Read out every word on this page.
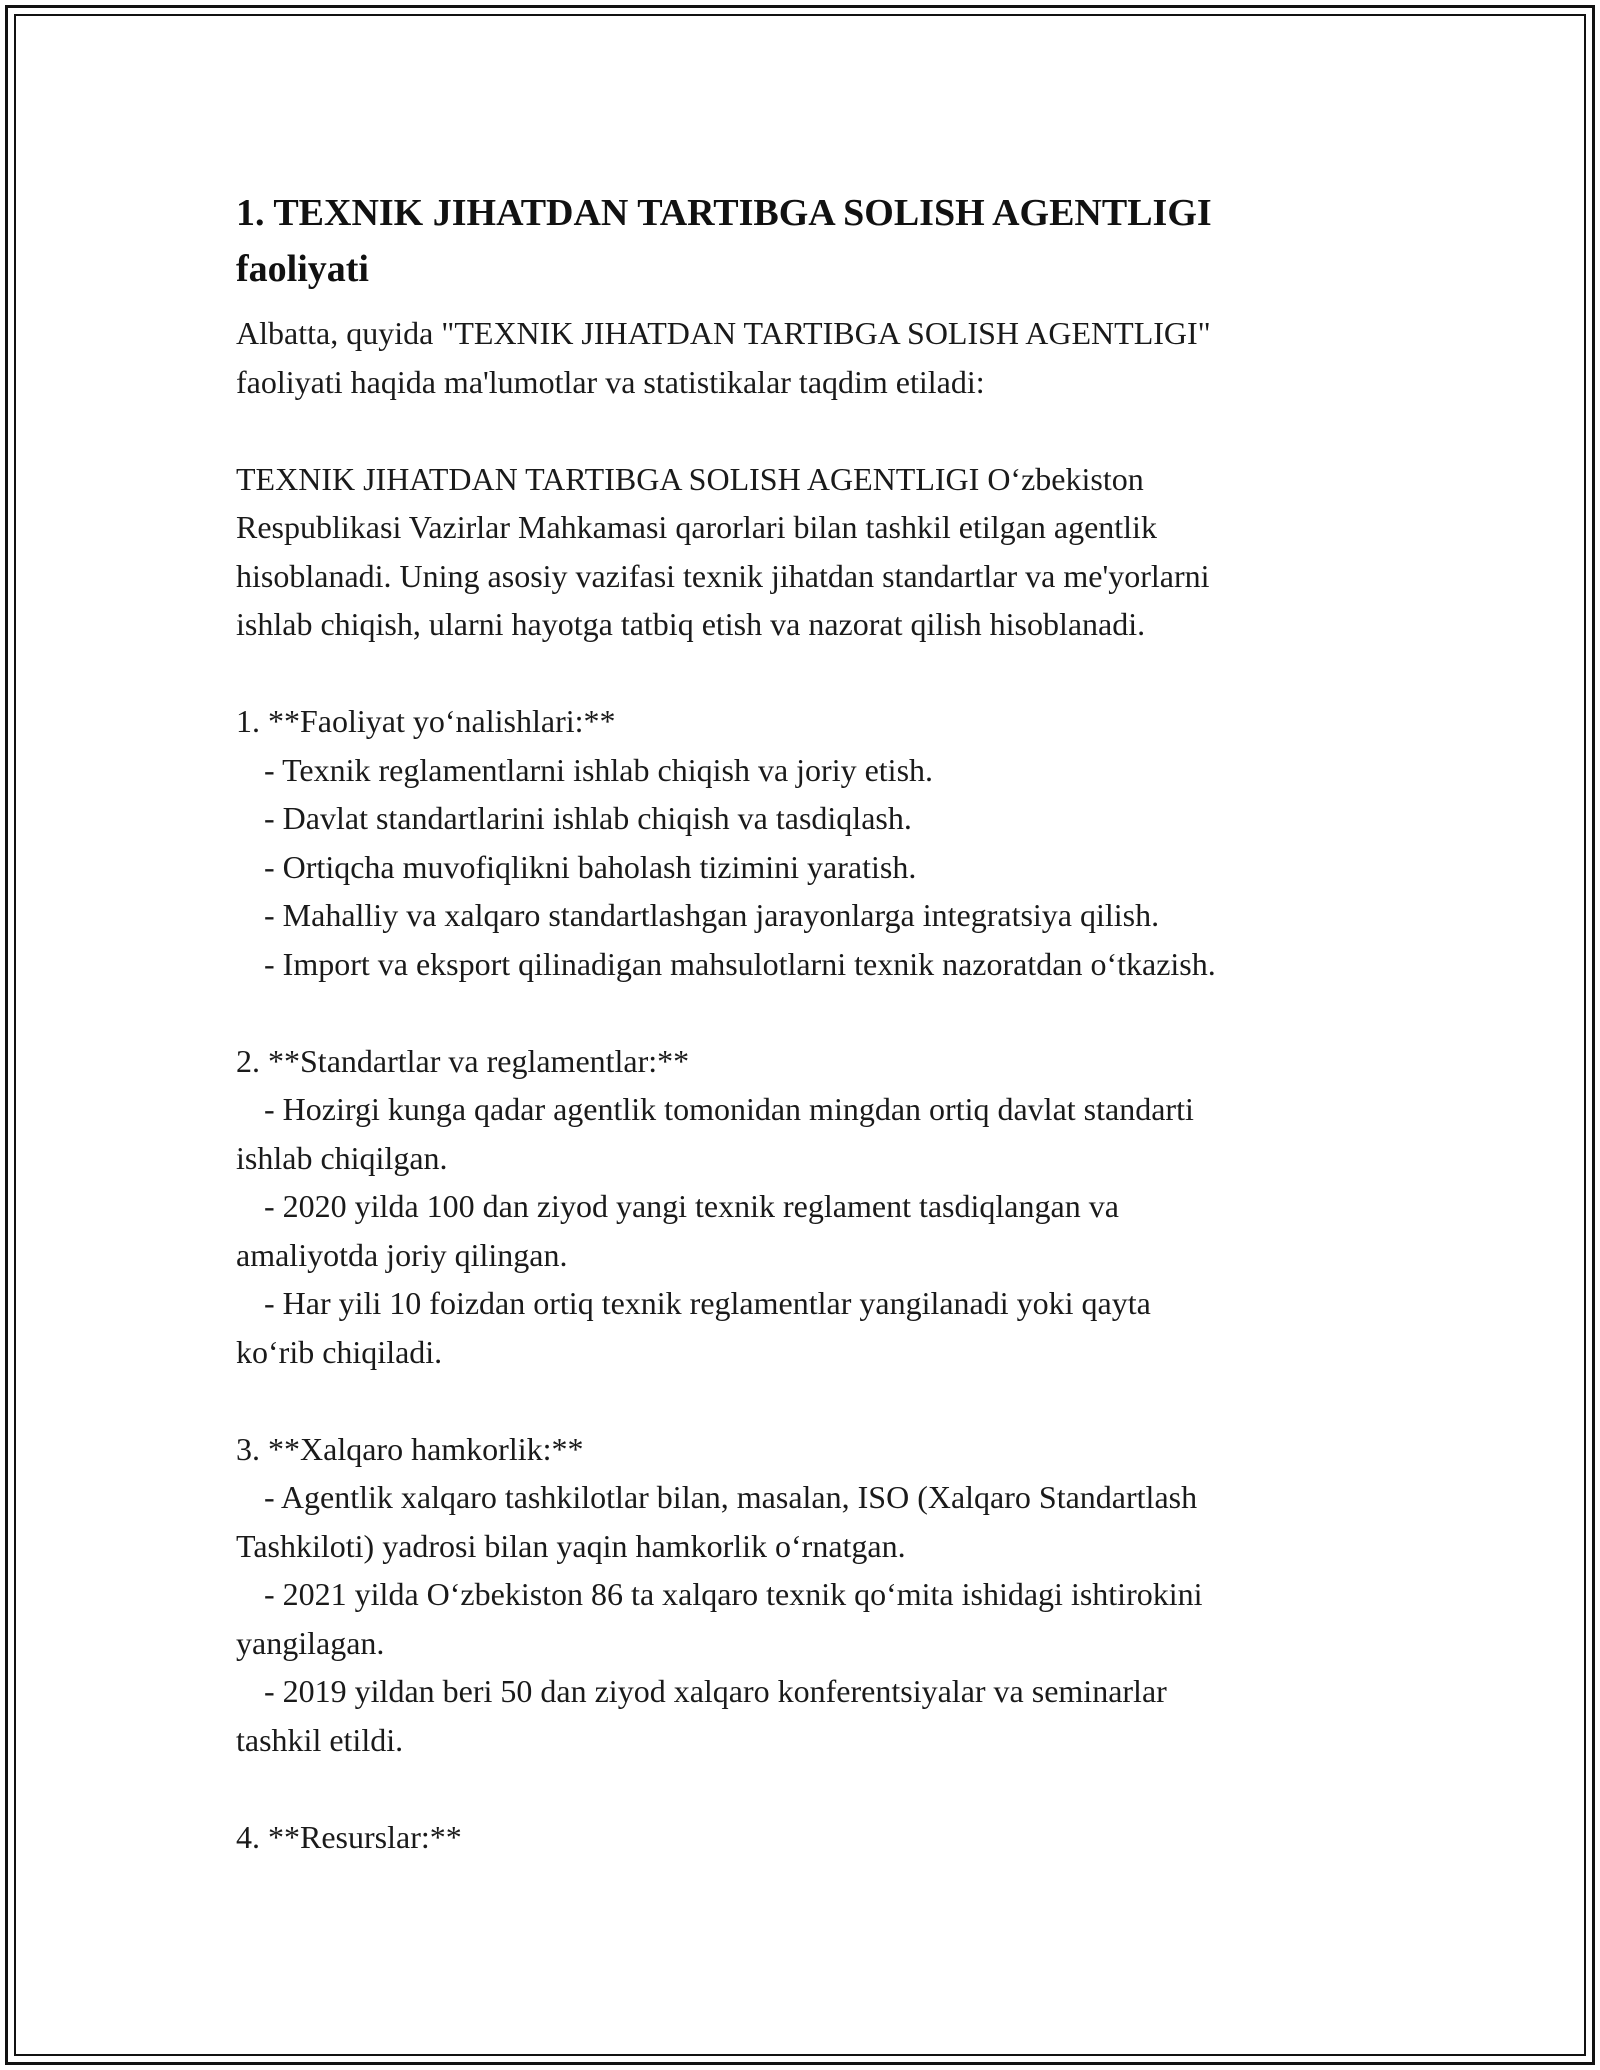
1. TEXNIK JIHATDAN TARTIBGA SOLISH AGENTLIGI
faoliyati

Albatta, quyida "TEXNIK JIHATDAN TARTIBGA SOLISH AGENTLIGI"
faoliyati haqida ma'lumotlar va statistikalar taqdim etiladi:

TEXNIK JIHATDAN TARTIBGA SOLISH AGENTLIGI O‘zbekiston
Respublikasi Vazirlar Mahkamasi qarorlari bilan tashkil etilgan agentlik
hisoblanadi. Uning asosiy vazifasi texnik jihatdan standartlar va me'yorlarni
ishlab chiqish, ularni hayotga tatbiq etish va nazorat qilish hisoblanadi.

1. **Faoliyat yo‘nalishlari:**
- Texnik reglamentlarni ishlab chiqish va joriy etish.
- Davlat standartlarini ishlab chiqish va tasdiqlash.
- Ortiqcha muvofiqlikni baholash tizimini yaratish.
- Mahalliy va xalqaro standartlashgan jarayonlarga integratsiya qilish.
- Import va eksport qilinadigan mahsulotlarni texnik nazoratdan o‘tkazish.

2. **Standartlar va reglamentlar:**
- Hozirgi kunga qadar agentlik tomonidan mingdan ortiq davlat standarti
ishlab chiqilgan.
- 2020 yilda 100 dan ziyod yangi texnik reglament tasdiqlangan va
amaliyotda joriy qilingan.
- Har yili 10 foizdan ortiq texnik reglamentlar yangilanadi yoki qayta
ko‘rib chiqiladi.

3. **Xalqaro hamkorlik:**
- Agentlik xalqaro tashkilotlar bilan, masalan, ISO (Xalqaro Standartlash
Tashkiloti) yadrosi bilan yaqin hamkorlik o‘rnatgan.
- 2021 yilda O‘zbekiston 86 ta xalqaro texnik qo‘mita ishidagi ishtirokini
yangilagan.
- 2019 yildan beri 50 dan ziyod xalqaro konferentsiyalar va seminarlar
tashkil etildi.

4. **Resurslar:**
